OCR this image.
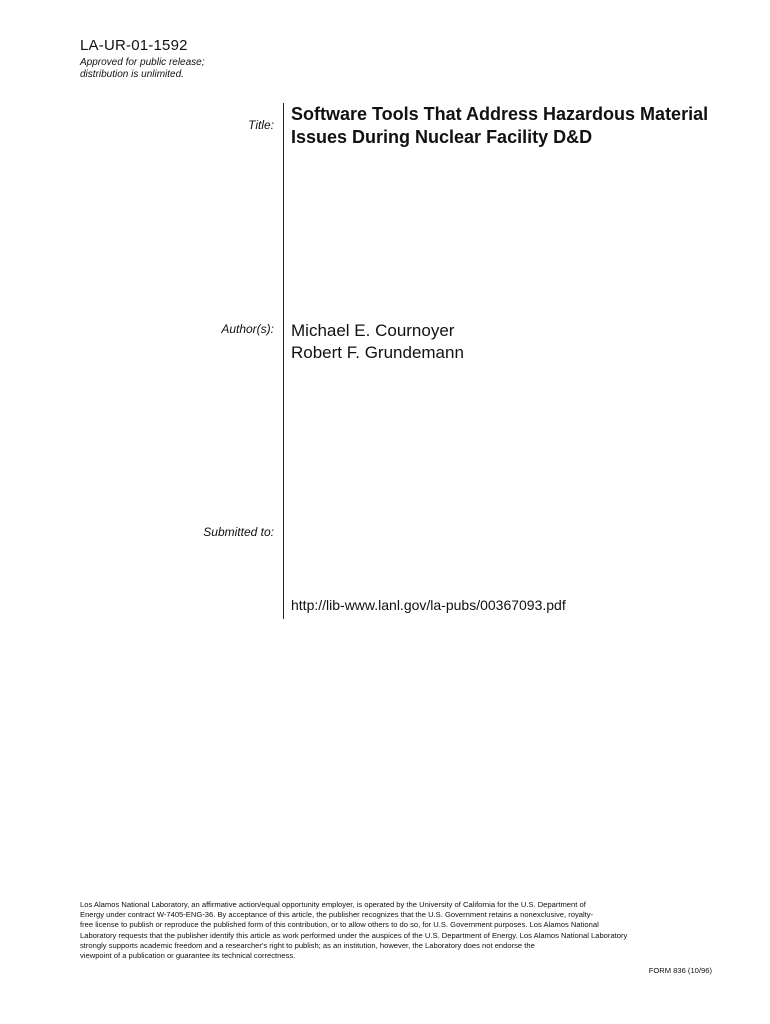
LA-UR-01-1592
Approved for public release;
distribution is unlimited.
Title:
Software Tools That Address Hazardous Material
Issues During Nuclear Facility D&D
Author(s): Michael E. Cournoyer
Robert F. Grundemann
Submitted to:
http://lib-www.lanl.gov/la-pubs/00367093.pdf
Los Alamos National Laboratory, an affirmative action/equal opportunity employer, is operated by the University of California for the U.S. Department of
Energy under contract W-7405-ENG-36. By acceptance of this article, the publisher recognizes that the U.S. Government retains a nonexclusive, royalty-
free license to publish or reproduce the published form of this contribution, or to allow others to do so, for U.S. Government purposes. Los Alamos National
Laboratory requests that the publisher identify this article as work performed under the auspices of the U.S. Department of Energy. Los Alamos National Laboratory
strongly supports academic freedom and a researcher's right to publish; as an institution, however, the Laboratory does not endorse the
viewpoint of a publication or guarantee its technical correctness.
FORM 836 (10/96)
